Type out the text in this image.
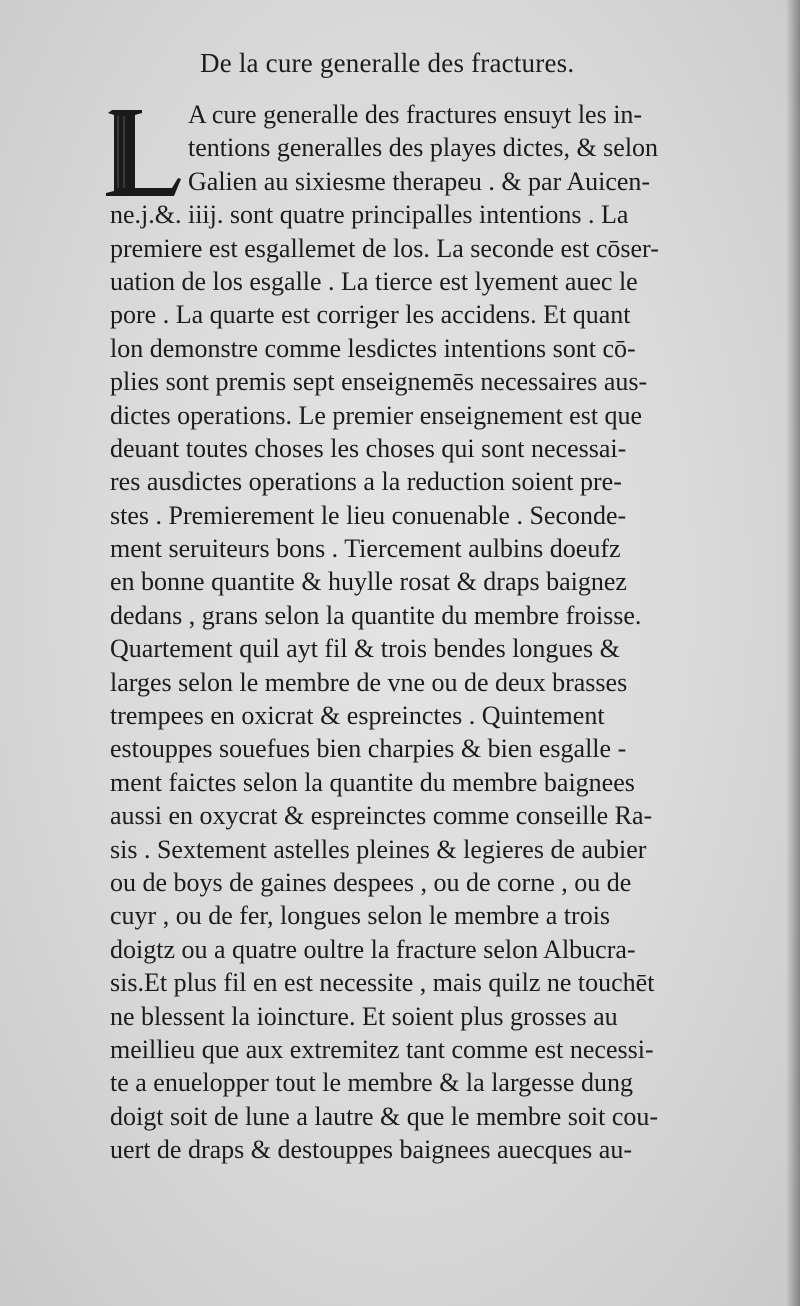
De la cure generalle des fractures.
A cure generalle des fractures ensuyt les in-
tentions generalles des playes dictes, & selon
Galien au sixiesme therapeu . & par Auicen-
ne.j.&. iiij. sont quatre principalles intentions . La
premiere est esgallemet de los. La seconde est cōser-
uation de los esgalle . La tierce est lyement auec le
pore . La quarte est corriger les accidens. Et quant
lon demonstre comme lesdictes intentions sont cō-
plies sont premis sept enseignemēs necessaires aus-
dictes operations. Le premier enseignement est que
deuant toutes choses les choses qui sont necessai-
res ausdictes operations a la reduction soient pre-
stes . Premierement le lieu conuenable . Seconde-
ment seruiteurs bons . Tiercement aulbins doeufz
en bonne quantite & huylle rosat & draps baignez
dedans , grans selon la quantite du membre froisse.
Quartement quil ayt fil & trois bendes longues &
larges selon le membre de vne ou de deux brasses
trempees en oxicrat & espreinctes . Quintement
estouppes souefues bien charpies & bien esgalle -
ment faictes selon la quantite du membre baignees
aussi en oxycrat & espreinctes comme conseille Ra-
sis . Sextement astelles pleines & legieres de aubier
ou de boys de gaines despees , ou de corne , ou de
cuyr , ou de fer, longues selon le membre a trois
doigtz ou a quatre oultre la fracture selon Albucra-
sis.Et plus fil en est necessite , mais quilz ne touchēt
ne blessent la ioincture. Et soient plus grosses au
meillieu que aux extremitez tant comme est necessi-
te a enuelopper tout le membre & la largesse dung
doigt soit de lune a lautre & que le membre soit cou-
uert de draps & destouppes baignees auecques au-
